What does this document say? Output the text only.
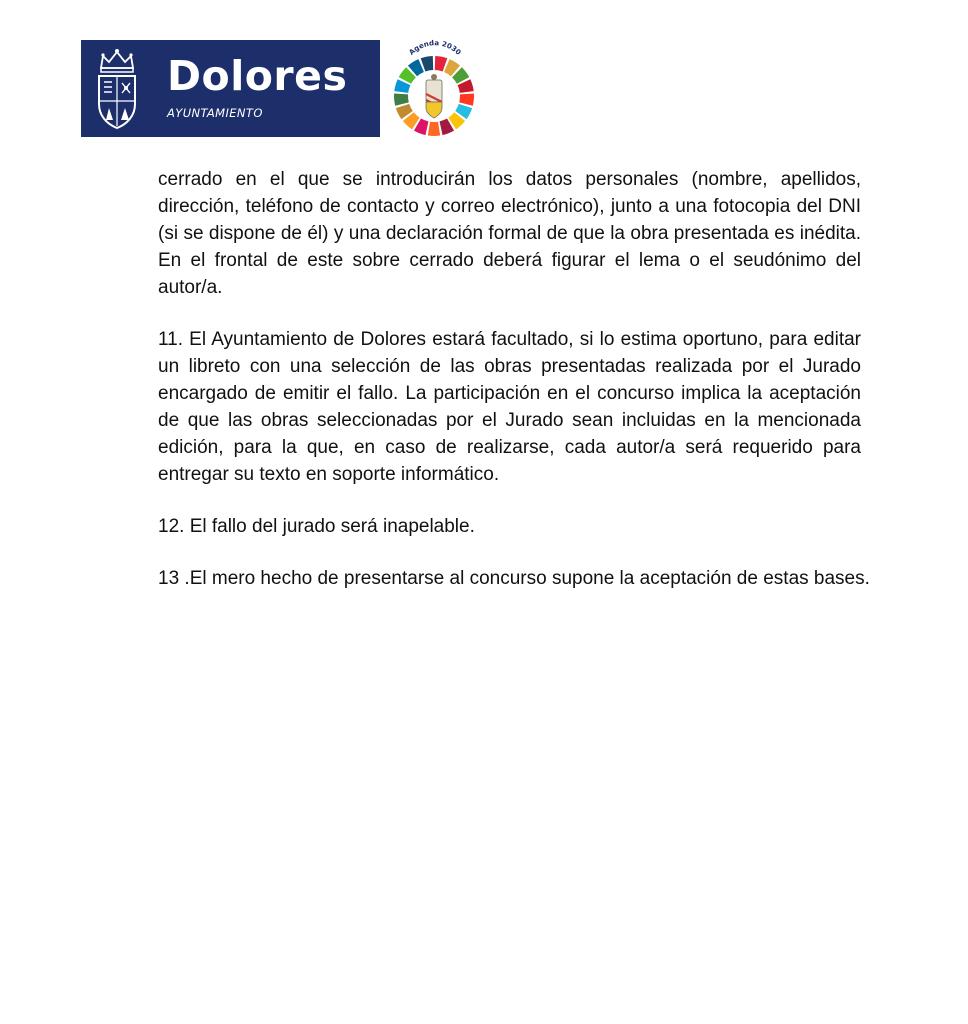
Dolores
AYUNTAMIENTO
Agenda 2030

cerrado en el que se introducirán los datos personales (nombre, apellidos, dirección, teléfono de contacto y correo electrónico), junto a una fotocopia del DNI (si se dispone de él) y una declaración formal de que la obra presentada es inédita. En el frontal de este sobre cerrado deberá figurar el lema o el seudónimo del autor/a.

11. El Ayuntamiento de Dolores estará facultado, si lo estima oportuno, para editar un libreto con una selección de las obras presentadas realizada por el Jurado encargado de emitir el fallo. La participación en el concurso implica la aceptación de que las obras seleccionadas por el Jurado sean incluidas en la mencionada edición, para la que, en caso de realizarse, cada autor/a será requerido para entregar su texto en soporte informático.

12. El fallo del jurado será inapelable.

13 .El mero hecho de presentarse al concurso supone la aceptación de estas bases.
